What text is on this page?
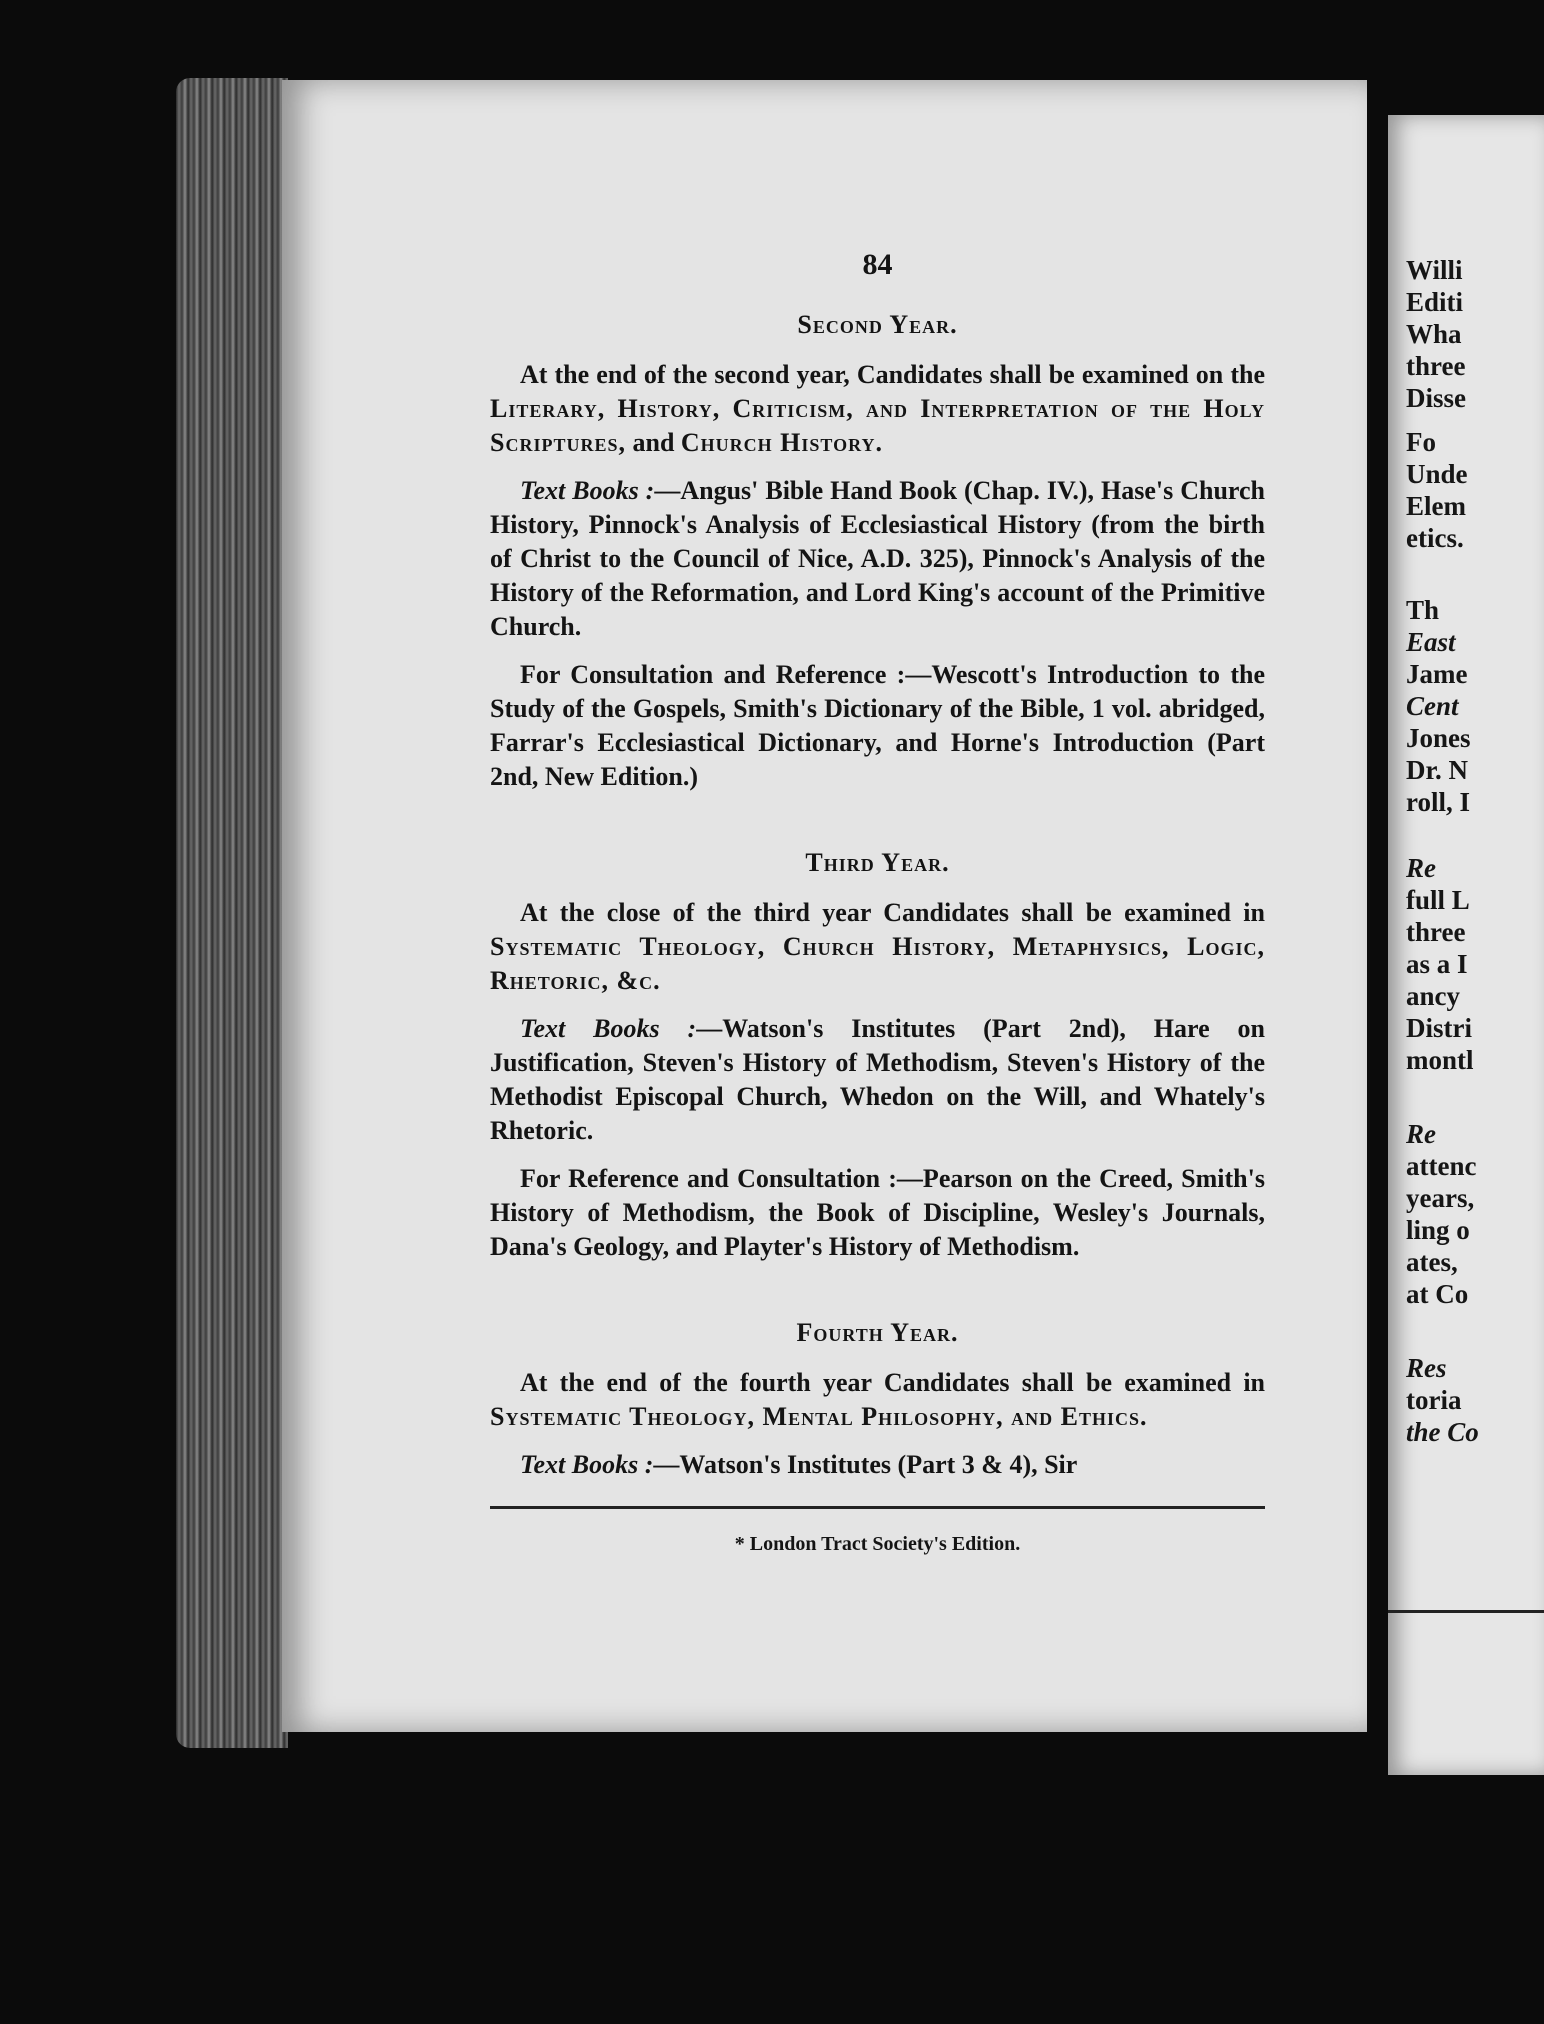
Willi
Editi
Wha
three
Disse
Fo
Unde
Elem
etics.
Th
East
Jame
Cent
Jones
Dr. N
roll, I
Re
full L
three
as a I
ancy
Distri
montl
Re
attenc
years,
ling o
ates,
at Co
Res
toria
the Co
84
Second Year.

At the end of the second year, Candidates shall be examined on the Literary, History, Criticism, and Interpretation of the Holy Scriptures, and Church History.

Text Books :—Angus' Bible Hand Book (Chap. IV.), Hase's Church History, Pinnock's Analysis of Ecclesiastical History (from the birth of Christ to the Council of Nice, A.D. 325), Pinnock's Analysis of the History of the Reformation, and Lord King's account of the Primitive Church.

For Consultation and Reference :—Wescott's Introduction to the Study of the Gospels, Smith's Dictionary of the Bible, 1 vol. abridged, Farrar's Ecclesiastical Dictionary, and Horne's Introduction (Part 2nd, New Edition.)

Third Year.

At the close of the third year Candidates shall be examined in Systematic Theology, Church History, Metaphysics, Logic, Rhetoric, &c.

Text Books :—Watson's Institutes (Part 2nd), Hare on Justification, Steven's History of Methodism, Steven's History of the Methodist Episcopal Church, Whedon on the Will, and Whately's Rhetoric.

For Reference and Consultation :—Pearson on the Creed, Smith's History of Methodism, the Book of Discipline, Wesley's Journals, Dana's Geology, and Playter's History of Methodism.

Fourth Year.

At the end of the fourth year Candidates shall be examined in Systematic Theology, Mental Philosophy, and Ethics.

Text Books :—Watson's Institutes (Part 3 & 4), Sir

* London Tract Society's Edition.
